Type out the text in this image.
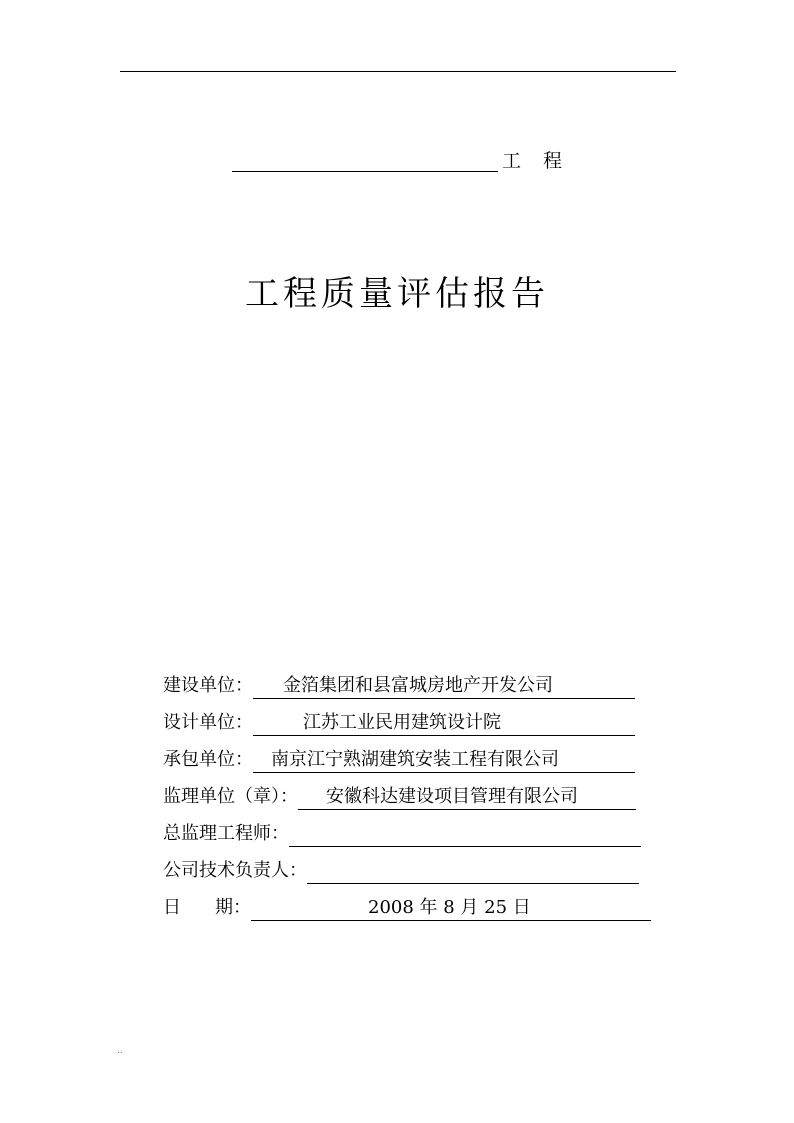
工 程
工程质量评估报告
建设单位：	金箔集团和县富城房地产开发公司
设计单位：	江苏工业民用建筑设计院
承包单位：	南京江宁熟湖建筑安装工程有限公司
监理单位（章）：	安徽科达建设项目管理有限公司
总监理工程师：
公司技术负责人：
日 期：	2008 年 8 月 25 日
..
